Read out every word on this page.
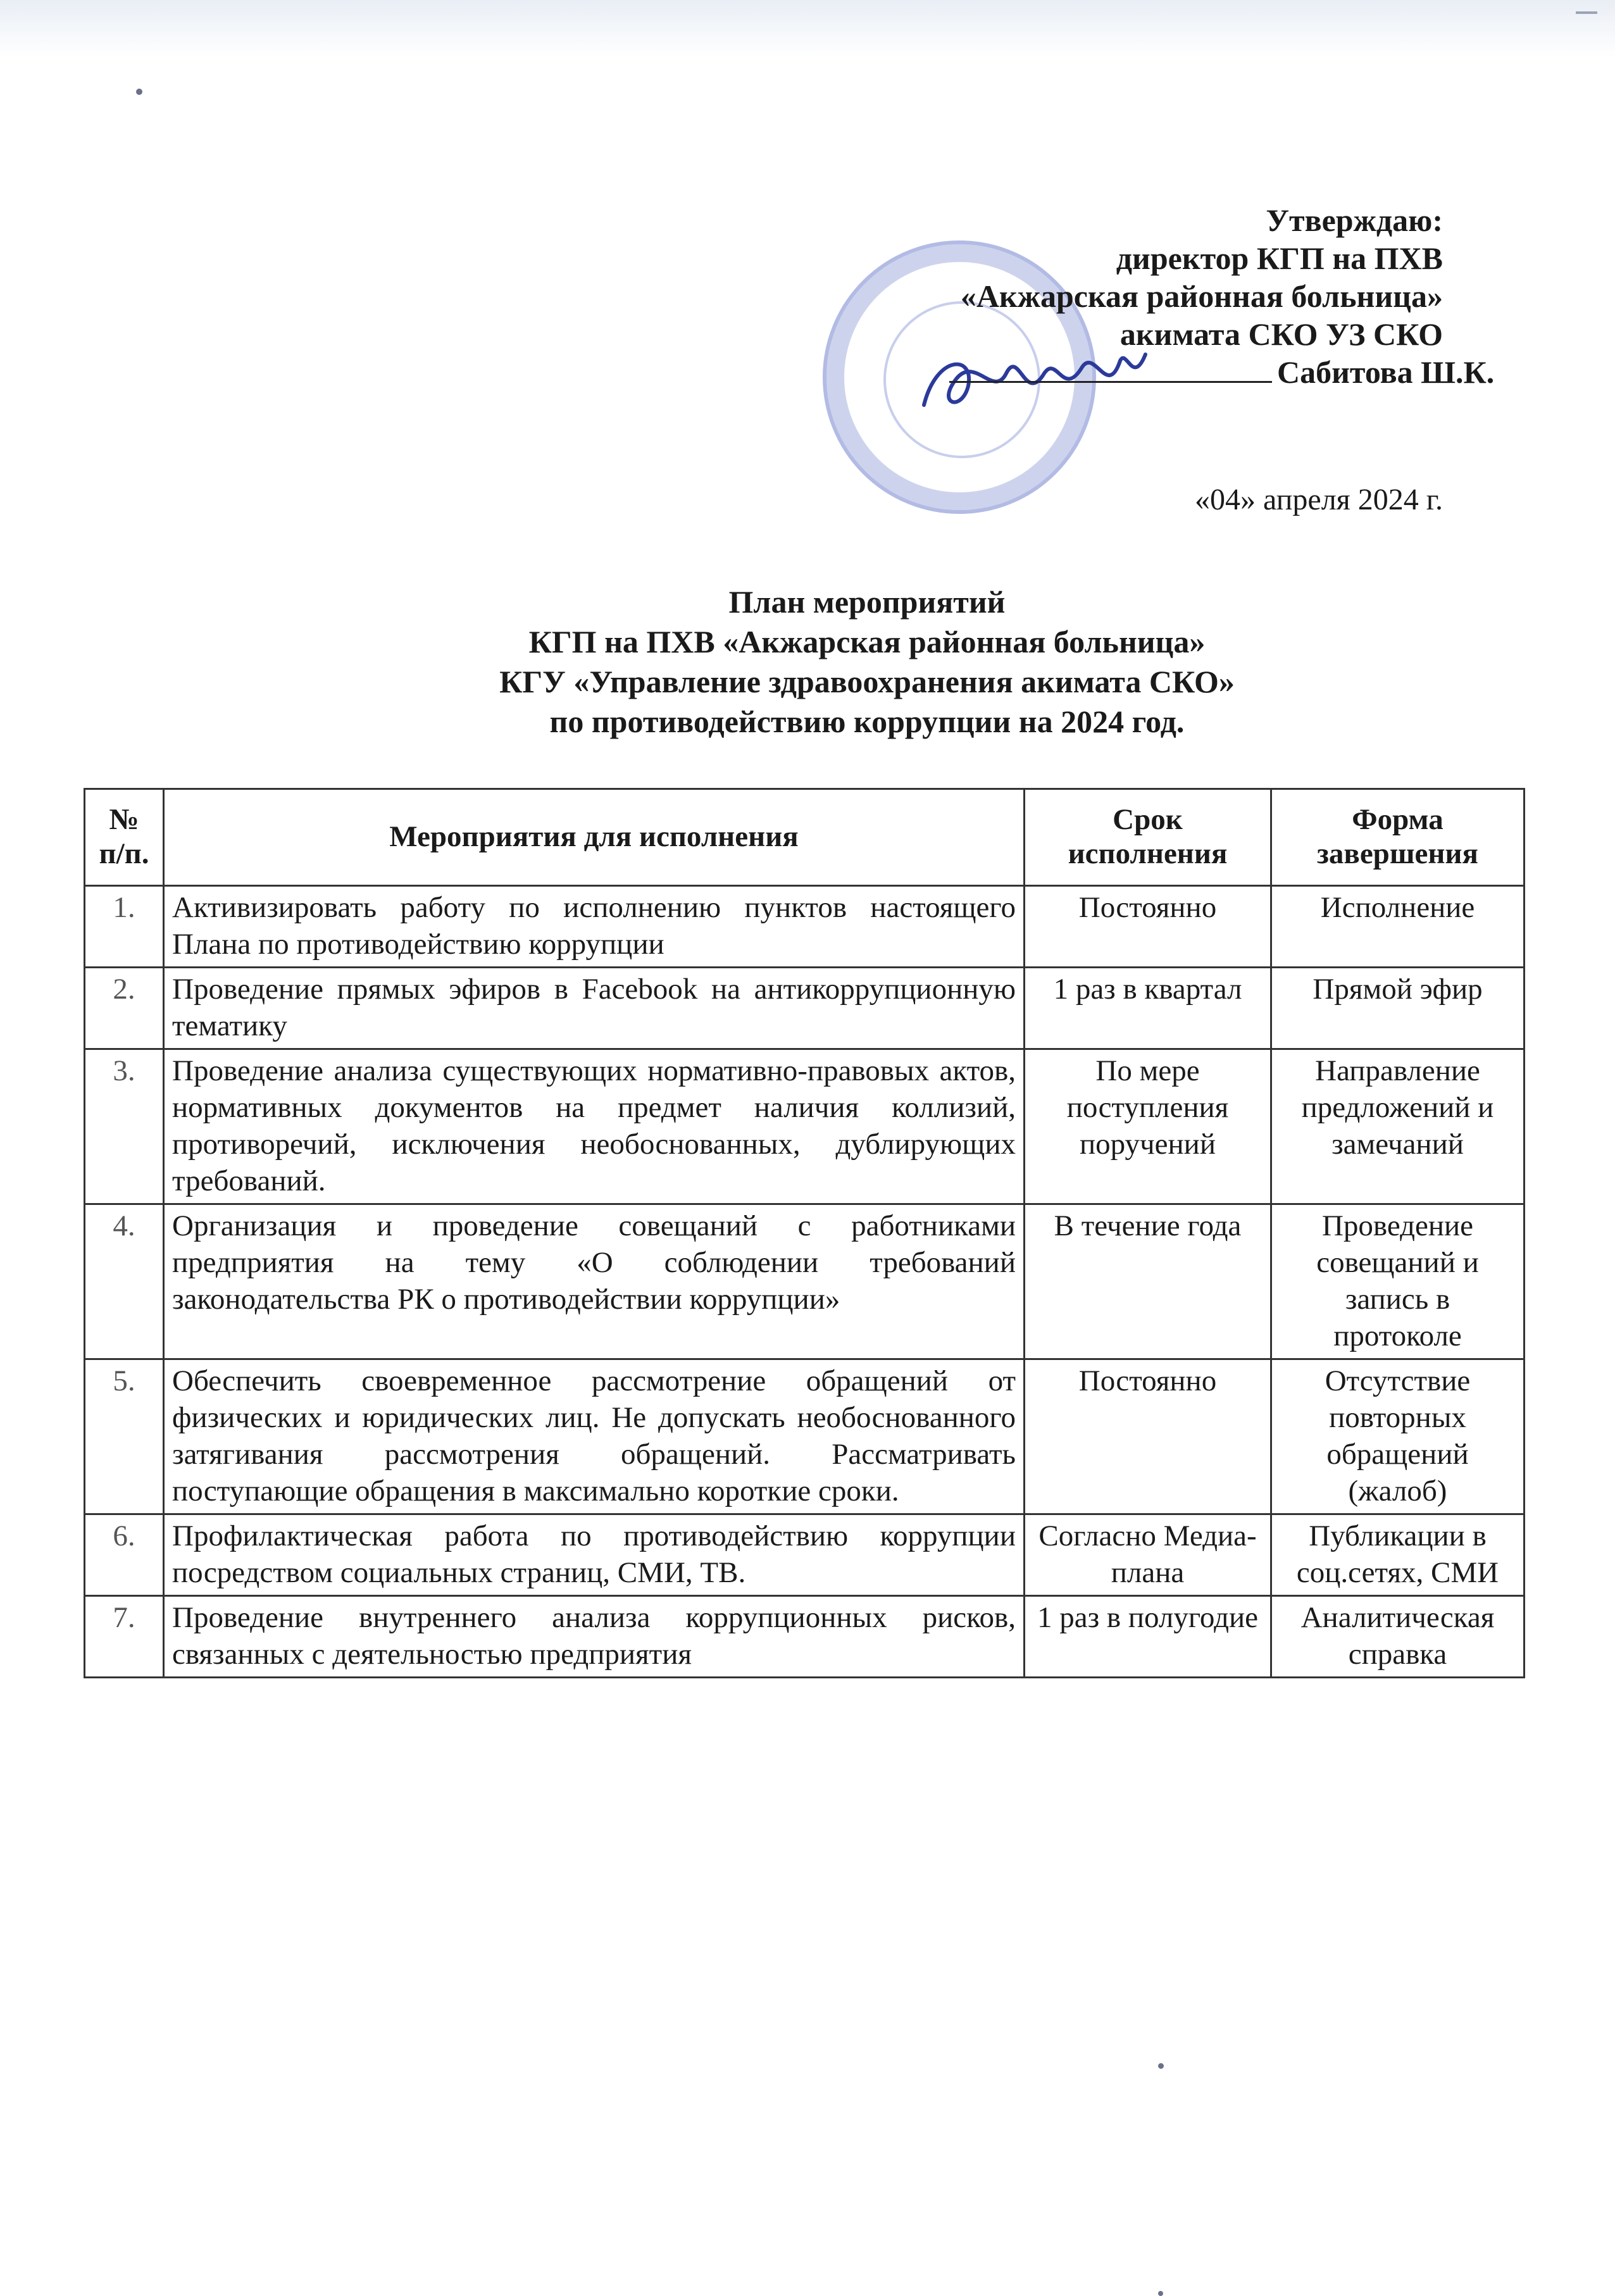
Утверждаю:
директор КГП на ПХВ
«Акжарская районная больница»
акимата СКО УЗ СКО
Сабитова Ш.К.
«04» апреля 2024 г.
План мероприятий
КГП на ПХВ «Акжарская районная больница»
КГУ «Управление здравоохранения акимата СКО»
по противодействию коррупции на 2024 год.
№ п/п.	Мероприятия для исполнения	Срок исполнения	Форма завершения
1.	Активизировать работу по исполнению пунктов настоящего Плана по противодействию коррупции	Постоянно	Исполнение
2.	Проведение прямых эфиров в Facebook на антикоррупционную тематику	1 раз в квартал	Прямой эфир
3.	Проведение анализа существующих нормативно-правовых актов, нормативных документов на предмет наличия коллизий, противоречий, исключения необоснованных, дублирующих требований.	По мере поступления поручений	Направление предложений и замечаний
4.	Организация и проведение совещаний с работниками предприятия на тему «О соблюдении требований законодательства РК о противодействии коррупции»	В течение года	Проведение совещаний и запись в протоколе
5.	Обеспечить своевременное рассмотрение обращений от физических и юридических лиц. Не допускать необоснованного затягивания рассмотрения обращений. Рассматривать поступающие обращения в максимально короткие сроки.	Постоянно	Отсутствие повторных обращений (жалоб)
6.	Профилактическая работа по противодействию коррупции посредством социальных страниц, СМИ, ТВ.	Согласно Медиа-плана	Публикации в соц.сетях, СМИ
7.	Проведение внутреннего анализа коррупционных рисков, связанных с деятельностью предприятия	1 раз в полугодие	Аналитическая справка
